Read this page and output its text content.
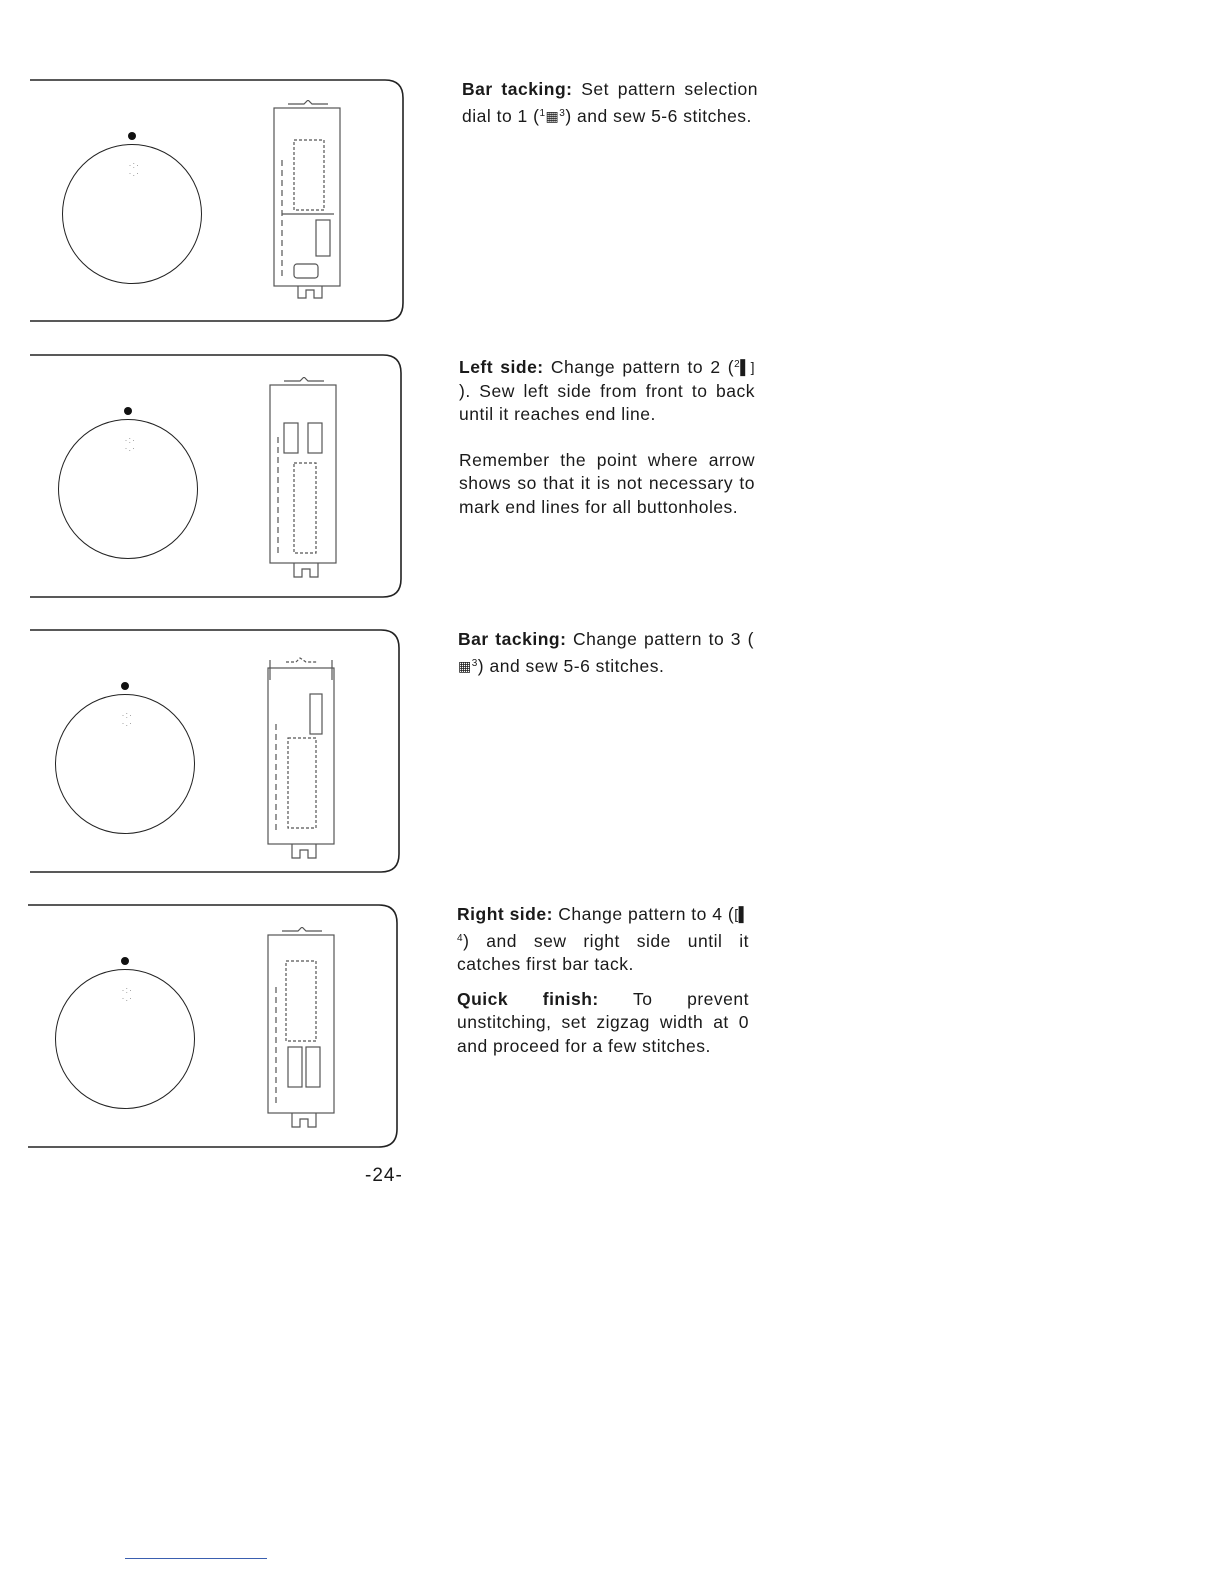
·:·
·.·

Bar tacking: Set pattern selection dial to 1 ($^1$▦$^3$) and sew 5-6 stitches.

·:·
·.·

Left side: Change pattern to 2 ($^2$▌]). Sew left side from front to back until it reaches end line.

Remember the point where arrow shows so that it is not necessary to mark end lines for all buttonholes.

·:·
·.·

Bar tacking: Change pattern to 3 (▦$^3$) and sew 5-6 stitches.

·:·
·.·

Right side: Change pattern to 4 ([▌$^4$) and sew right side until it catches first bar tack.

Quick finish: To prevent unstitching, set zigzag width at 0 and proceed for a few stitches.

-24-
